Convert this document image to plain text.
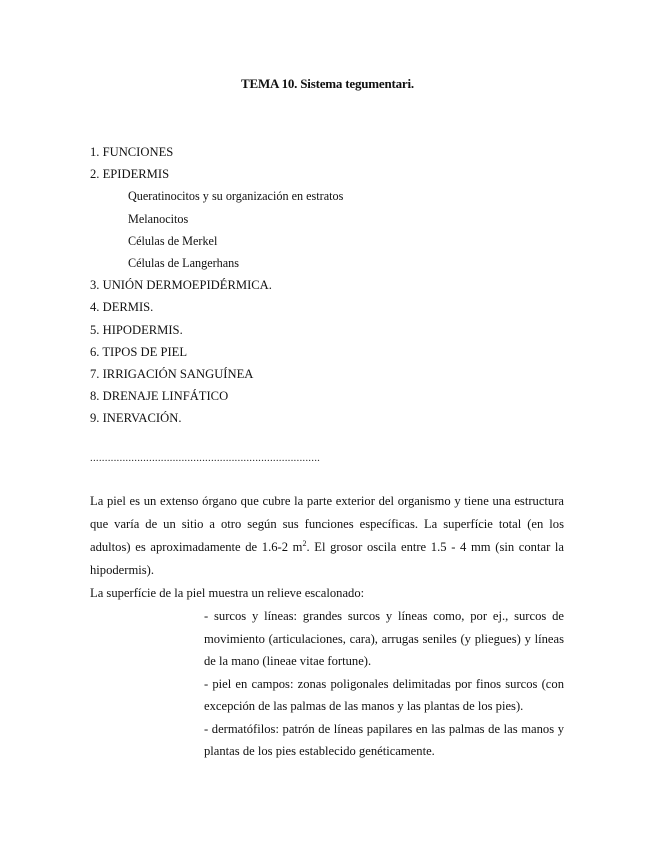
TEMA 10. Sistema tegumentari.
1. FUNCIONES
2. EPIDERMIS
Queratinocitos y su organización en estratos
Melanocitos
Células de Merkel
Células de Langerhans
3. UNIÓN DERMOEPIDÉRMICA.
4. DERMIS.
5. HIPODERMIS.
6. TIPOS DE PIEL
7. IRRIGACIÓN SANGUÍNEA
8. DRENAJE LINFÁTICO
9. INERVACIÓN.
..............................................................................

La piel es un extenso órgano que cubre la parte exterior del organismo y tiene una estructura que varía de un sitio a otro según sus funciones específicas. La superfície total (en los adultos) es aproximadamente de 1.6-2 $m^2$. El grosor oscila entre 1.5 - 4 mm (sin contar la hipodermis).

La superfície de la piel muestra un relieve escalonado:

- surcos y líneas: grandes surcos y líneas como, por ej., surcos de movimiento (articulaciones, cara), arrugas seniles (y pliegues) y líneas de la mano (lineae vitae fortune).
- piel en campos: zonas poligonales delimitadas por finos surcos (con excepción de las palmas de las manos y las plantas de los pies).
- dermatófilos: patrón de líneas papilares en las palmas de las manos y plantas de los pies establecido genéticamente.
